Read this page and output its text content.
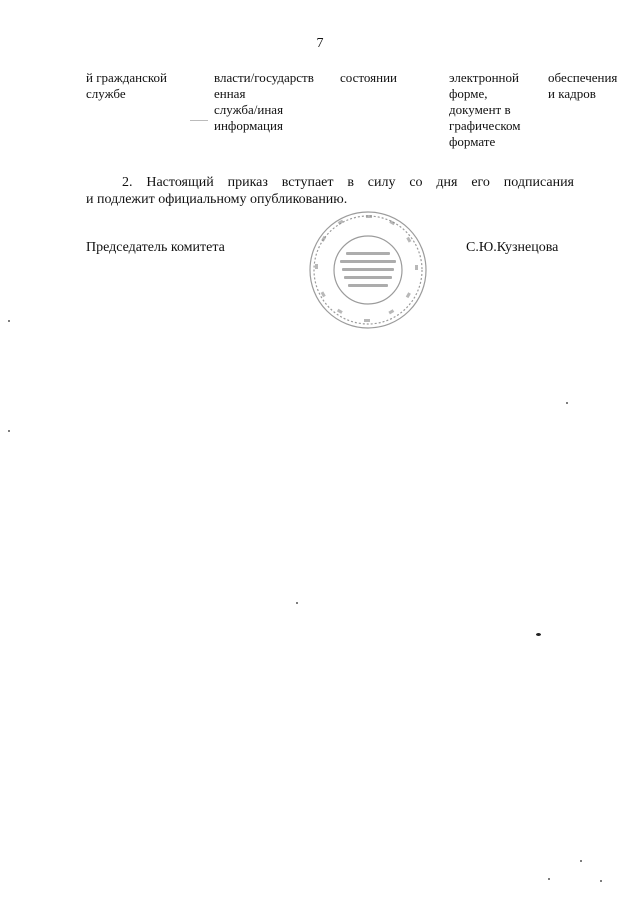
7
й гражданской
службе
власти/государств
енная
служба/иная
информация
состоянии	электронной
форме,
документ в
графическом
формате
обеспечения
и кадров
2. Настоящий приказ вступает в силу со дня его подписания
и подлежит официальному опубликованию.
Председатель комитета	С.Ю.Кузнецова
